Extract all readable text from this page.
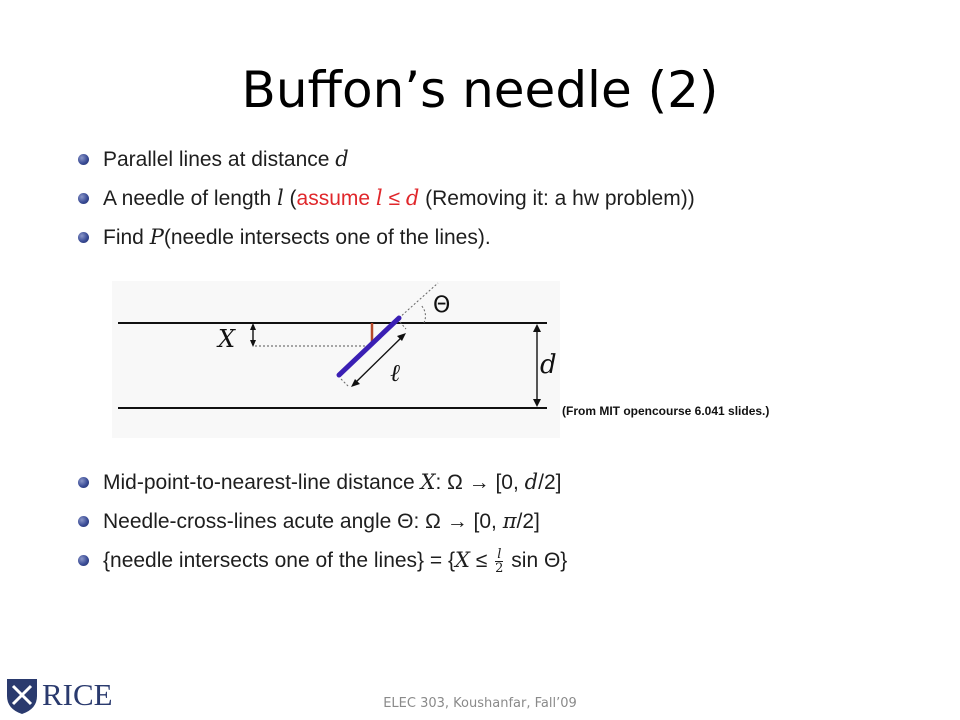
Buffon’s needle (2)
Parallel lines at distance d
A needle of length l (assume l ≤ d (Removing it: a hw problem))
Find P(needle intersects one of the lines).
d
X
Θ
ℓ
(From MIT opencourse 6.041 slides.)
Mid-point-to-nearest-line distance X: Ω → [0, d/2]
Needle-cross-lines acute angle Θ: Ω → [0, π/2]
{needle intersects one of the lines} = {$X \le \frac{l}{2}$ sin Θ}
RICE	ELEC 303, Koushanfar, Fall’09
